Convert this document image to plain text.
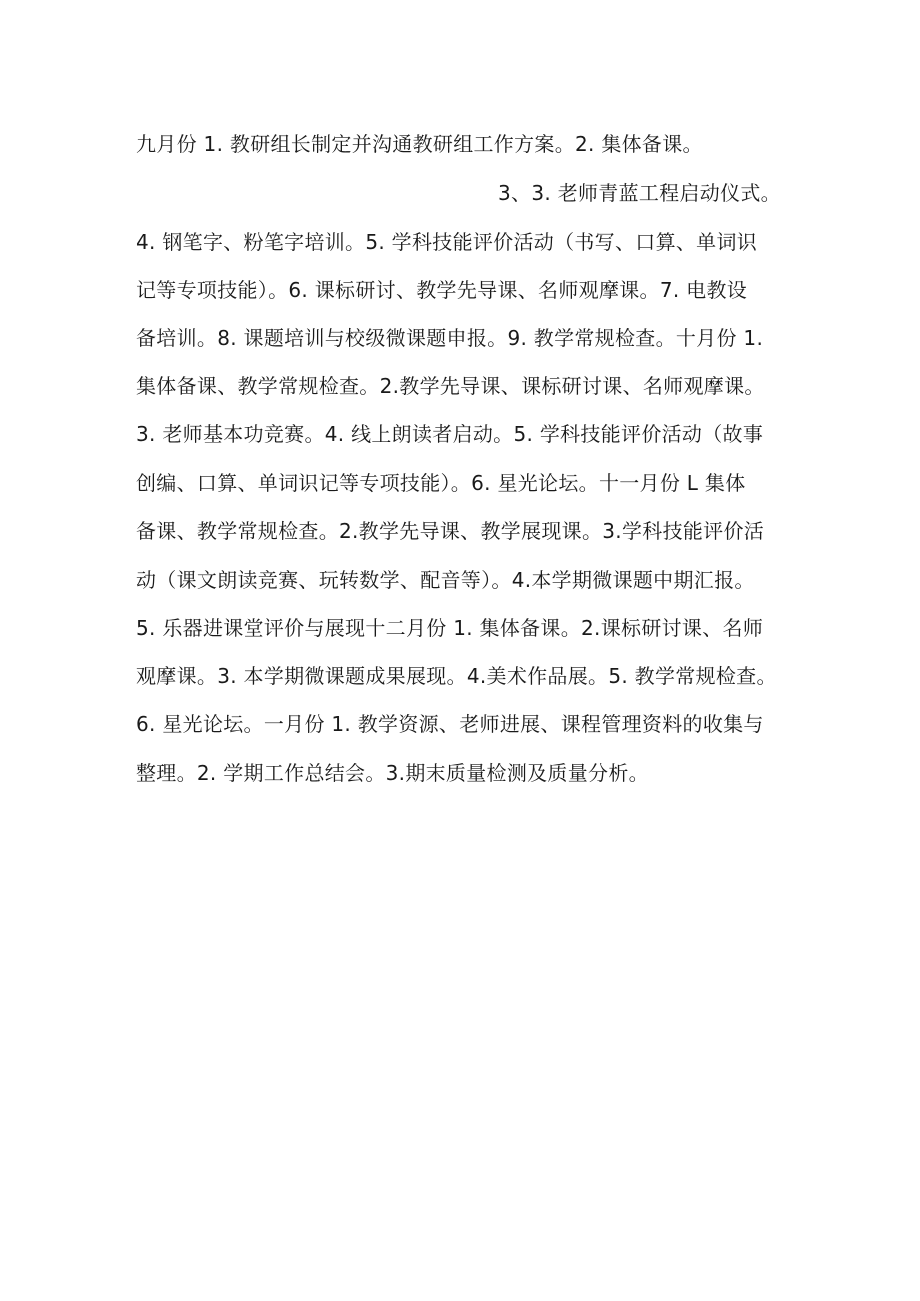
九月份 1. 教研组长制定并沟通教研组工作方案。2. 集体备课。
3、3. 老师青蓝工程启动仪式。
4. 钢笔字、粉笔字培训。5. 学科技能评价活动（书写、口算、单词识
记等专项技能）。6. 课标研讨、教学先导课、名师观摩课。7. 电教设
备培训。8. 课题培训与校级微课题申报。9. 教学常规检查。十月份 1.
集体备课、教学常规检查。2.教学先导课、课标研讨课、名师观摩课。
3. 老师基本功竞赛。4. 线上朗读者启动。5. 学科技能评价活动（故事
创编、口算、单词识记等专项技能）。6. 星光论坛。十一月份 L 集体
备课、教学常规检查。2.教学先导课、教学展现课。3.学科技能评价活
动（课文朗读竞赛、玩转数学、配音等）。4.本学期微课题中期汇报。
5. 乐器进课堂评价与展现十二月份 1. 集体备课。2.课标研讨课、名师
观摩课。3. 本学期微课题成果展现。4.美术作品展。5. 教学常规检查。
6. 星光论坛。一月份 1. 教学资源、老师进展、课程管理资料的收集与
整理。2. 学期工作总结会。3.期末质量检测及质量分析。
